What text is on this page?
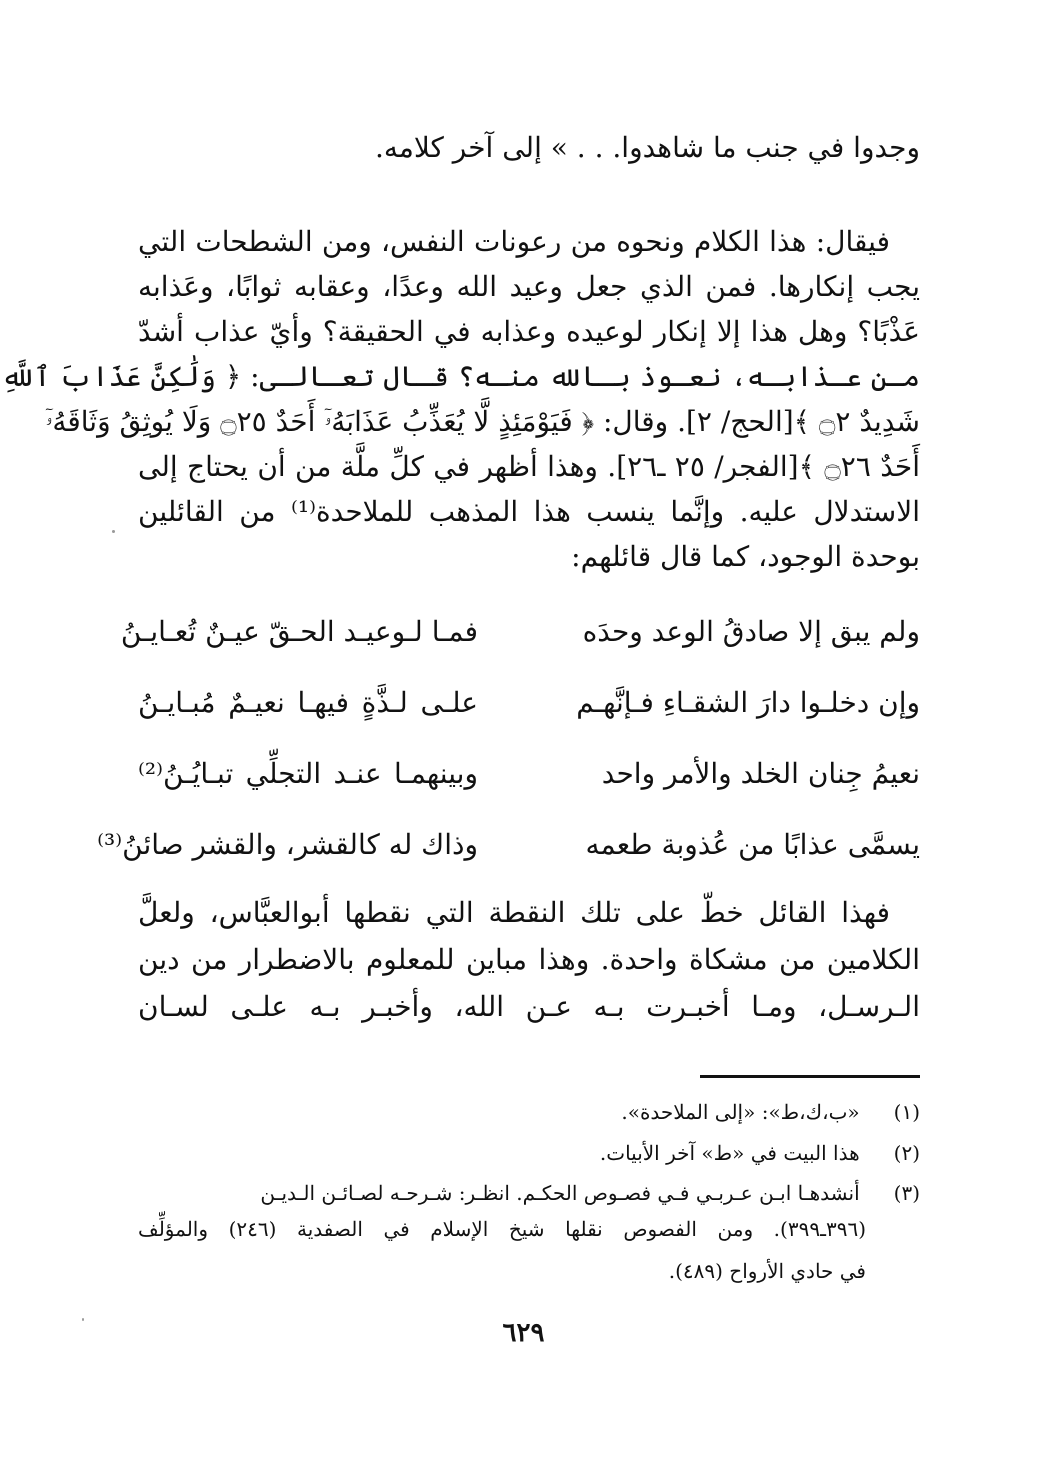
وجدوا في جنب ما شاهدوا. . . » إلى آخر كلامه.
فيقال: هذا الكلام ونحوه من رعونات النفس، ومن الشطحات التي
يجب إنكارها. فمن الذي جعل وعيد الله وعدًا، وعقابه ثوابًا، وعَذابه
عَذْبًا؟ وهل هذا إلا إنكار لوعيده وعذابه في الحقيقة؟ وأيّ عذاب أشدّ
مـن عـذابـه، نعـوذ بـالله منـه؟ قـال تعـالـى: ﴿ وَلَٰكِنَّ عَذَابَ ٱللَّهِ
شَدِيدٌ ۝٢ ﴾[الحج/ ٢]. وقال: ﴿ فَيَوْمَئِذٍ لَّا يُعَذِّبُ عَذَابَهُۥٓ أَحَدٌ ۝٢٥ وَلَا يُوثِقُ وَثَاقَهُۥٓ
أَحَدٌ ۝٢٦ ﴾[الفجر/ ٢٥ ـ٢٦]. وهذا أظهر في كلِّ ملَّة من أن يحتاج إلى
الاستدلال عليه. وإنَّما ينسب هذا المذهب للملاحدة⁽¹⁾ من القائلين
بوحدة الوجود، كما قال قائلهم:
ولم يبق إلا صادقُ الوعد وحدَه
فمـا لـوعيـد الحـقّ عيـنٌ تُعـايـنُ
وإن دخلـوا دارَ الشقـاءِ فـإنَّهـم
علـى لـذَّةٍ فيهـا نعيـمٌ مُبـايـنُ
نعيمُ جِنان الخلد والأمر واحد
وبينهمـا عنـد التجلِّي تبـايُـنُ⁽²⁾
يسمَّى عذابًا من عُذوبة طعمه
وذاك له كالقشر، والقشر صائنُ⁽³⁾
فهذا القائل خطّ على تلك النقطة التي نقطها أبوالعبَّاس، ولعلَّ
الكلامين من مشكاة واحدة. وهذا مباين للمعلوم بالاضطرار من دين
الـرسـل، ومـا أخبـرت بـه عـن الله، وأخبـر بـه علـى لسـان
(١) «ب،ك،ط»: «إلى الملاحدة».
(٢) هذا البيت في «ط» آخر الأبيات.
(٣) أنشدهـا ابـن عـربـي فـي فصـوص الحكـم. انظـر: شـرحـه لصـائـن الـديـن
(٣٩٦ـ٣٩٩). ومن الفصوص نقلها شيخ الإسلام في الصفدية (٢٤٦) والمؤلِّف
في حادي الأرواح (٤٨٩).
٦٢٩
